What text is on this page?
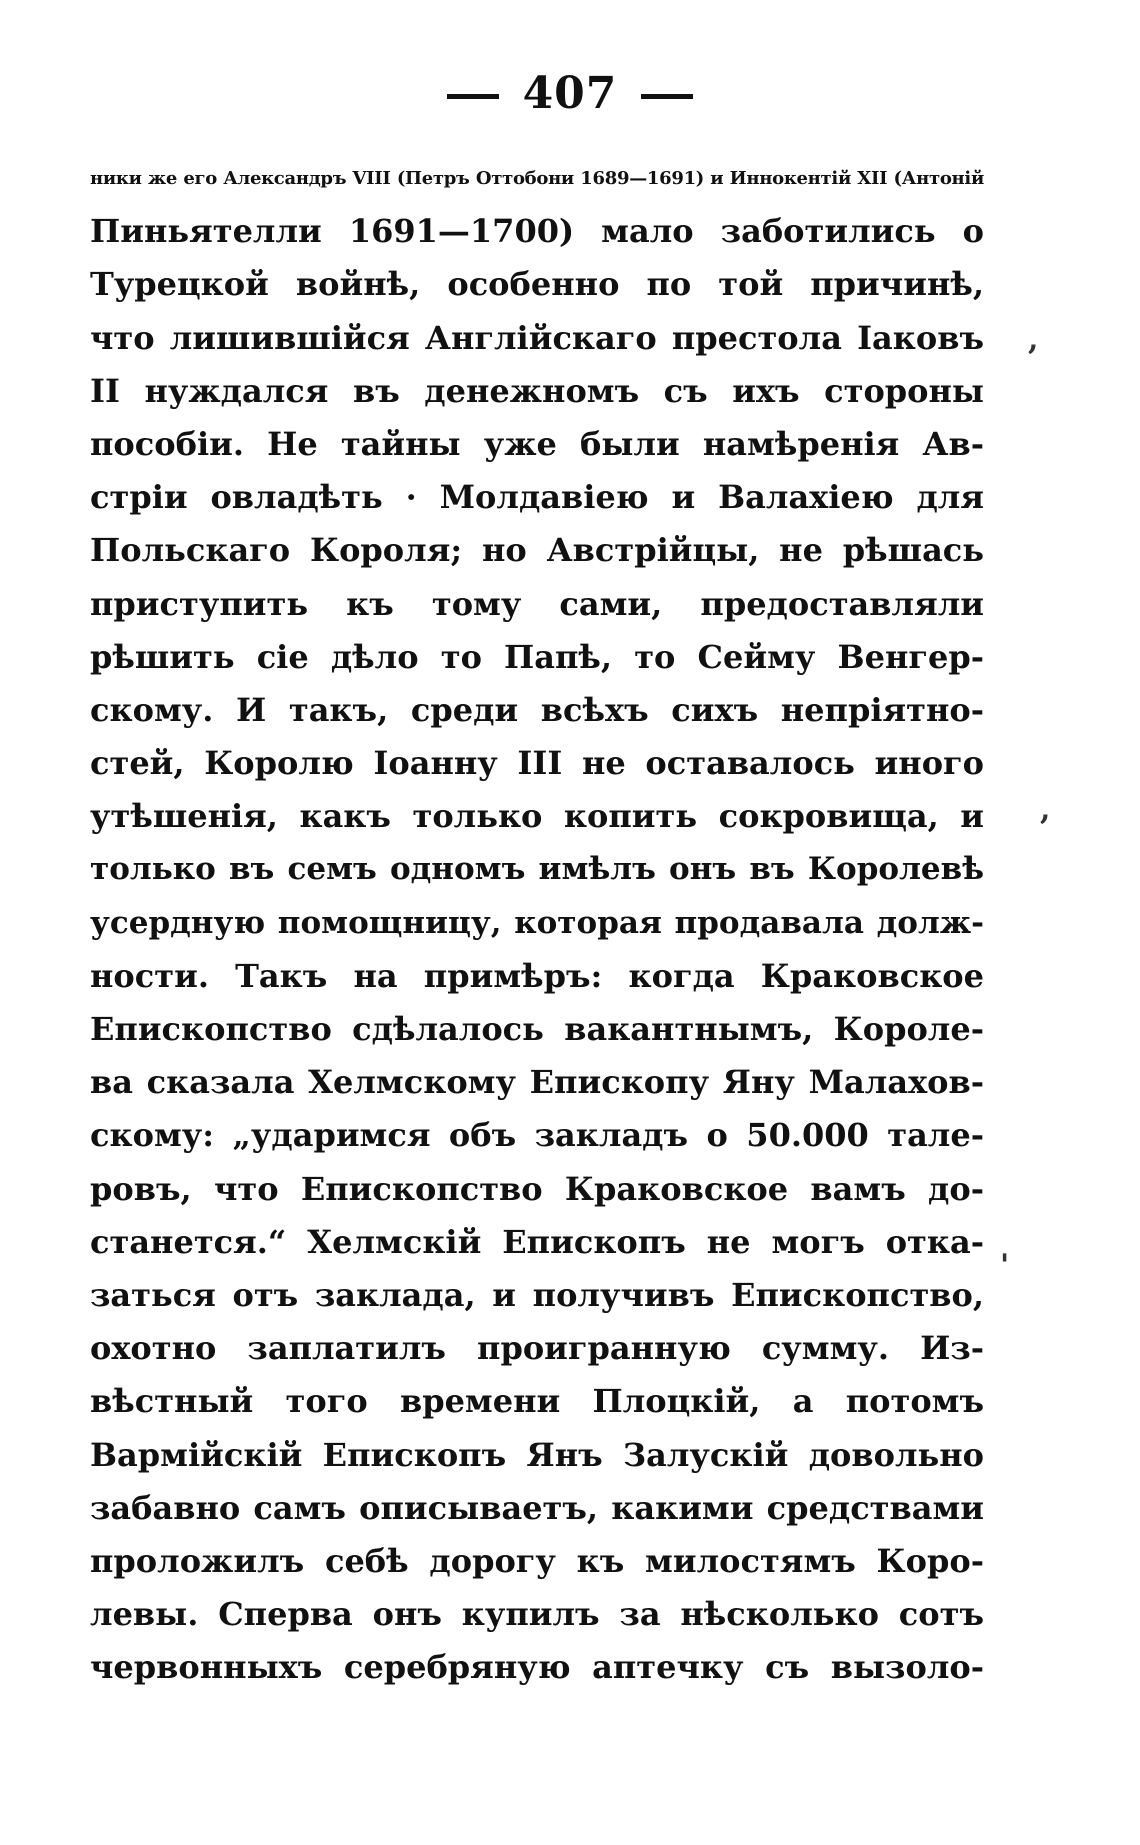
407
ники же его Александръ VIII (Петръ Оттобони 1689—1691) и Иннокентій XII (Антоній
Пиньятелли 1691—1700) мало заботились о
Турецкой войнѣ, особенно по той причинѣ,
что лишившійся Англійскаго престола Іаковъ
II нуждался въ денежномъ съ ихъ стороны
пособіи. Не тайны уже были намѣренія Ав-
стріи овладѣть · Молдавіею и Валахіею для
Польскаго Короля; но Австрійцы, не рѣшась
приступить къ тому сами, предоставляли
рѣшить сіе дѣло то Папѣ, то Сейму Венгер-
скому. И такъ, среди всѣхъ сихъ непріятно-
стей, Королю Іоанну III не оставалось иного
утѣшенія, какъ только копить сокровища, и
только въ семъ одномъ имѣлъ онъ въ Королевѣ
усердную помощницу, которая продавала долж-
ности. Такъ на примѣръ: когда Краковское
Епископство сдѣлалось вакантнымъ, Короле-
ва сказала Хелмскому Епископу Яну Малахов-
скому: „ударимся объ закладъ о 50.000 тале-
ровъ, что Епископство Краковское вамъ до-
станется.“ Хелмскій Епископъ не могъ отка-
заться отъ заклада, и получивъ Епископство,
охотно заплатилъ проигранную сумму. Из-
вѣстный того времени Плоцкій, а потомъ
Вармійскій Епископъ Янъ Залускій довольно
забавно самъ описываетъ, какими средствами
проложилъ себѣ дорогу къ милостямъ Коро-
левы. Сперва онъ купилъ за нѣсколько сотъ
червонныхъ серебряную аптечку съ вызоло-
,
,
'
